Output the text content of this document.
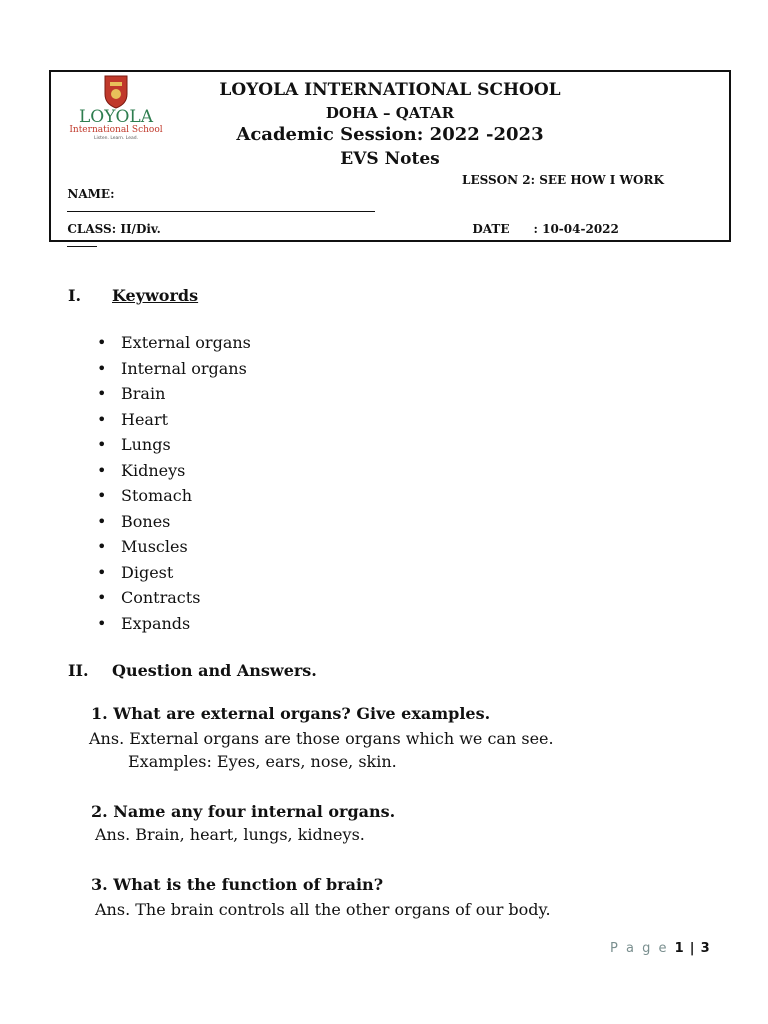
LOYOLA
International School
Listen. Learn. Lead.
LOYOLA INTERNATIONAL SCHOOL
DOHA – QATAR
Academic Session: 2022 -2023
EVS Notes

NAME:

LESSON 2: SEE HOW I WORK

CLASS: II/Div.
	DATE : 10-04-2022

I. Keywords
• External organs
• Internal organs
• Brain
• Heart
• Lungs
• Kidneys
• Stomach
• Bones
• Muscles
• Digest
• Contracts
• Expands
II. Question and Answers.
1. What are external organs? Give examples.
Ans. External organs are those organs which we can see.
Examples: Eyes, ears, nose, skin.
2. Name any four internal organs.
Ans. Brain, heart, lungs, kidneys.
3. What is the function of brain?
Ans. The brain controls all the other organs of our body.
P a g e 1 | 3
